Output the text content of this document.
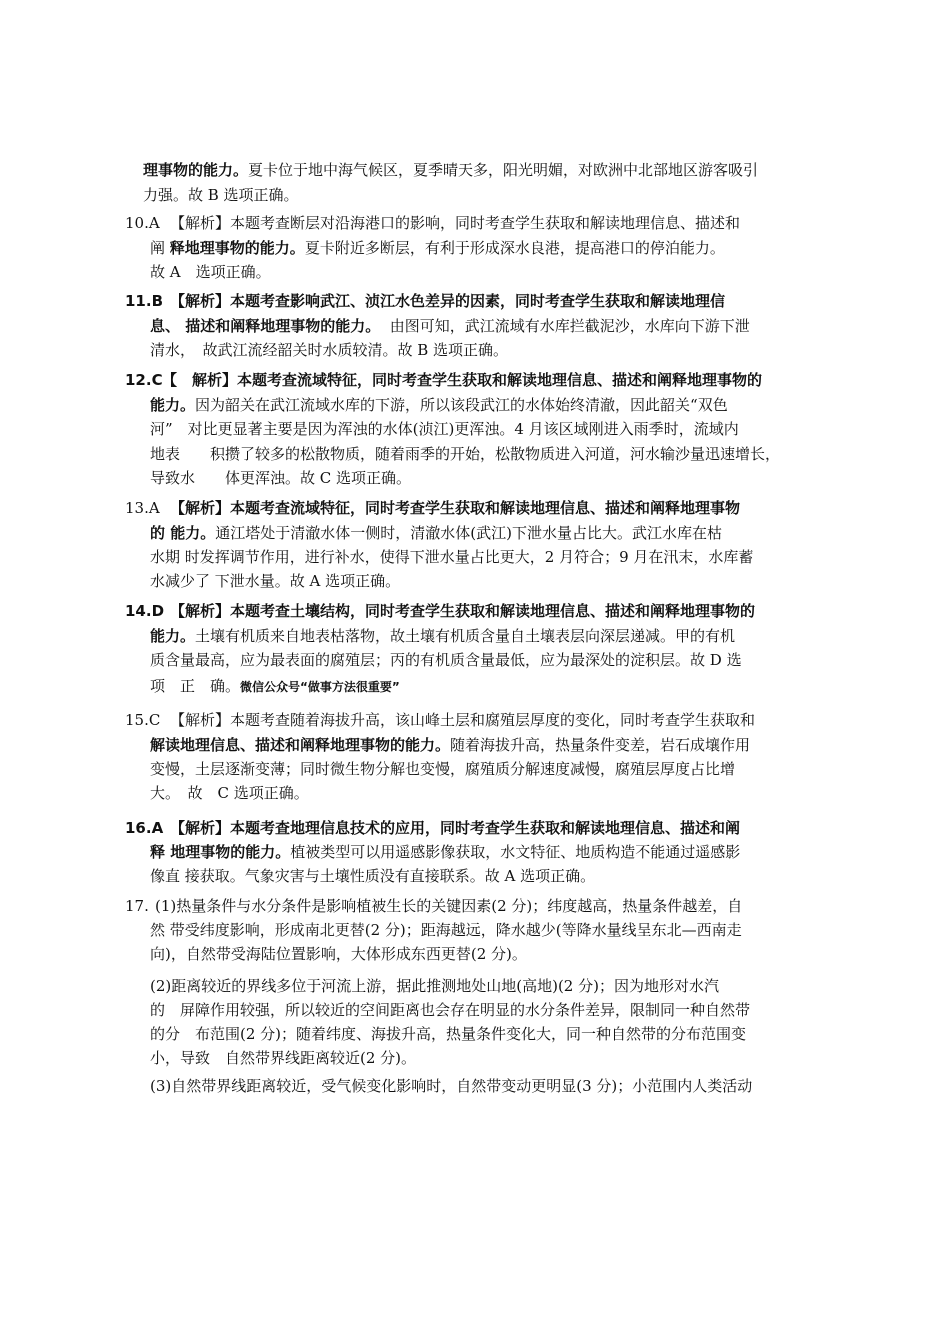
理事物的能力。夏卡位于地中海气候区，夏季晴天多，阳光明媚，对欧洲中北部地区游客吸引
力强。故 B 选项正确。
10.A 【解析】本题考查断层对沿海港口的影响，同时考查学生获取和解读地理信息、描述和
阐 释地理事物的能力。夏卡附近多断层，有利于形成深水良港，提高港口的停泊能力。
故 A　选项正确。
11.B 【解析】本题考查影响武江、浈江水色差异的因素，同时考查学生获取和解读地理信
息、 描述和阐释地理事物的能力。 由图可知，武江流域有水库拦截泥沙，水库向下游下泄
清水，　故武江流经韶关时水质较清。故 B 选项正确。
12.C 【　解析】本题考查流域特征，同时考查学生获取和解读地理信息、描述和阐释地理事物的
能力。因为韶关在武江流域水库的下游，所以该段武江的水体始终清澈，因此韶关“双色
河”　对比更显著主要是因为浑浊的水体(浈江)更浑浊。4 月该区域刚进入雨季时，流域内
地表　　积攒了较多的松散物质，随着雨季的开始，松散物质进入河道，河水输沙量迅速增长，
导致水　　体更浑浊。故 C 选项正确。
13.A 【解析】本题考查流域特征，同时考查学生获取和解读地理信息、描述和阐释地理事物
的 能力。通江塔处于清澈水体一侧时，清澈水体(武江)下泄水量占比大。武江水库在枯
水期 时发挥调节作用，进行补水，使得下泄水量占比更大，2 月符合；9 月在汛末，水库蓄
水减少了 下泄水量。故 A 选项正确。
14.D 【解析】本题考查土壤结构，同时考查学生获取和解读地理信息、描述和阐释地理事物的
能力。土壤有机质来自地表枯落物，故土壤有机质含量自土壤表层向深层递减。甲的有机
质含量最高，应为最表面的腐殖层；丙的有机质含量最低，应为最深处的淀积层。故 D 选
项　正　确。微信公众号“做事方法很重要”
15.C 【解析】本题考查随着海拔升高，该山峰土层和腐殖层厚度的变化，同时考查学生获取和
解读地理信息、描述和阐释地理事物的能力。随着海拔升高，热量条件变差，岩石成壤作用
变慢，土层逐渐变薄；同时微生物分解也变慢，腐殖质分解速度减慢，腐殖层厚度占比增
大。　故　C 选项正确。
16.A 【解析】本题考查地理信息技术的应用，同时考查学生获取和解读地理信息、描述和阐
释 地理事物的能力。植被类型可以用遥感影像获取，水文特征、地质构造不能通过遥感影
像直 接获取。气象灾害与土壤性质没有直接联系。故 A 选项正确。
17. (1)热量条件与水分条件是影响植被生长的关键因素(2 分)；纬度越高，热量条件越差，自
然 带受纬度影响，形成南北更替(2 分)；距海越远，降水越少(等降水量线呈东北—西南走
向)，自然带受海陆位置影响，大体形成东西更替(2 分)。
(2)距离较近的界线多位于河流上游，据此推测地处山地(高地)(2 分)；因为地形对水汽
的　屏障作用较强，所以较近的空间距离也会存在明显的水分条件差异，限制同一种自然带
的分　布范围(2 分)；随着纬度、海拔升高，热量条件变化大，同一种自然带的分布范围变
小，导致　自然带界线距离较近(2 分)。
(3)自然带界线距离较近，受气候变化影响时，自然带变动更明显(3 分)；小范围内人类活动
